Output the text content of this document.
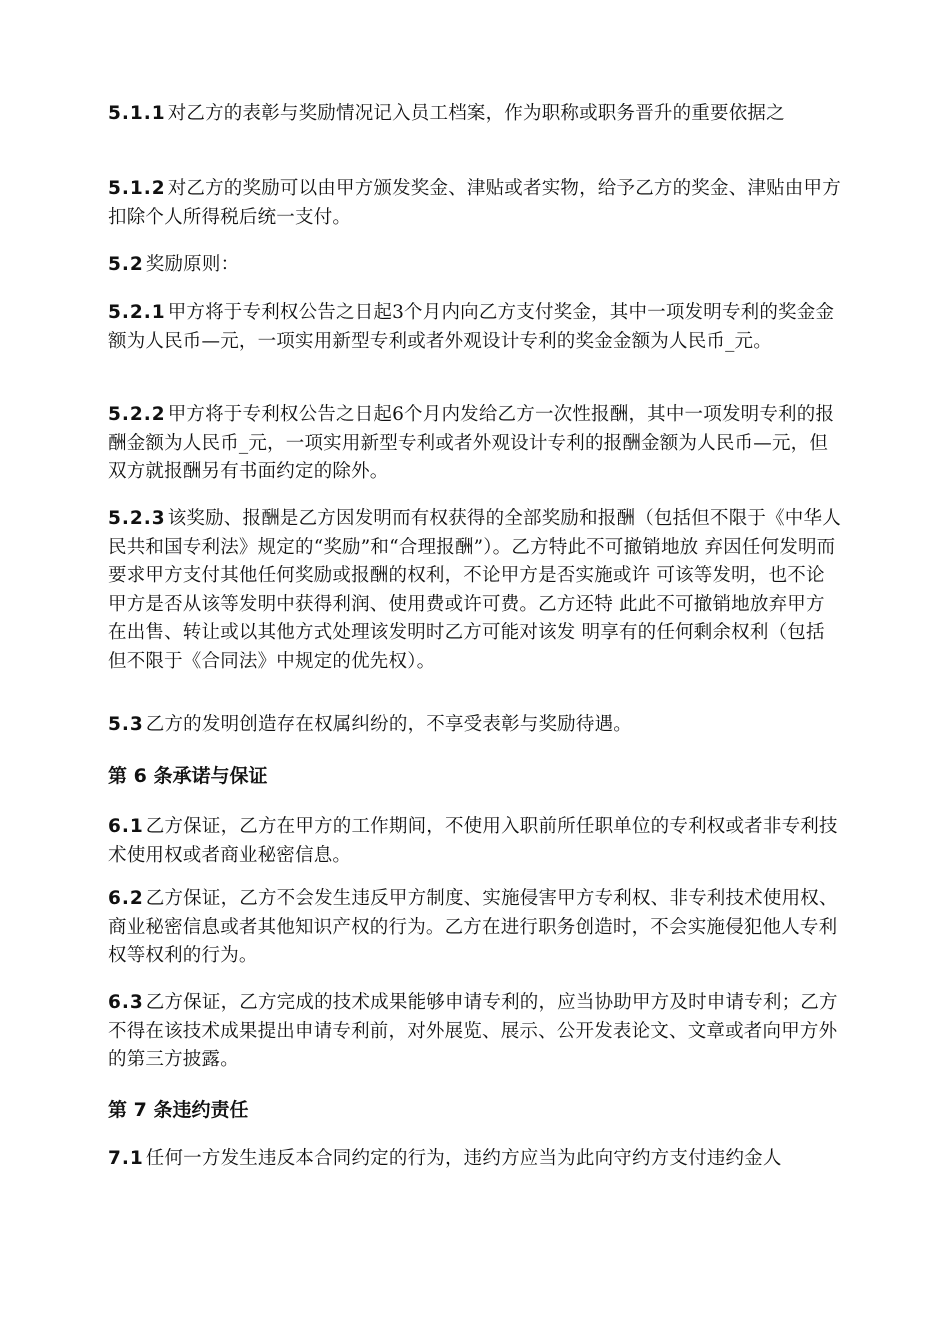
5.1.1 对乙方的表彰与奖励情况记入员工档案，作为职称或职务晋升的重要依据之

5.1.2 对乙方的奖励可以由甲方颁发奖金、津贴或者实物，给予乙方的奖金、津贴由甲方扣除个人所得税后统一支付。

5.2 奖励原则：

5.2.1 甲方将于专利权公告之日起3个月内向乙方支付奖金，其中一项发明专利的奖金金额为人民币—元，一项实用新型专利或者外观设计专利的奖金金额为人民币_元。

5.2.2 甲方将于专利权公告之日起6个月内发给乙方一次性报酬，其中一项发明专利的报酬金额为人民币_元，一项实用新型专利或者外观设计专利的报酬金额为人民币—元，但双方就报酬另有书面约定的除外。

5.2.3 该奖励、报酬是乙方因发明而有权获得的全部奖励和报酬（包括但不限于《中华人民共和国专利法》规定的“奖励”和“合理报酬”）。乙方特此不可撤销地放 弃因任何发明而要求甲方支付其他任何奖励或报酬的权利，不论甲方是否实施或许 可该等发明，也不论甲方是否从该等发明中获得利润、使用费或许可费。乙方还特 此此不可撤销地放弃甲方在出售、转让或以其他方式处理该发明时乙方可能对该发 明享有的任何剩余权利（包括但不限于《合同法》中规定的优先权）。

5.3 乙方的发明创造存在权属纠纷的，不享受表彰与奖励待遇。

第 6 条承诺与保证

6.1 乙方保证，乙方在甲方的工作期间，不使用入职前所任职单位的专利权或者非专利技术使用权或者商业秘密信息。

6.2 乙方保证，乙方不会发生违反甲方制度、实施侵害甲方专利权、非专利技术使用权、商业秘密信息或者其他知识产权的行为。乙方在进行职务创造时，不会实施侵犯他人专利权等权利的行为。

6.3 乙方保证，乙方完成的技术成果能够申请专利的，应当协助甲方及时申请专利；乙方不得在该技术成果提出申请专利前，对外展览、展示、公开发表论文、文章或者向甲方外的第三方披露。

第 7 条违约责任

7.1 任何一方发生违反本合同约定的行为，违约方应当为此向守约方支付违约金人
